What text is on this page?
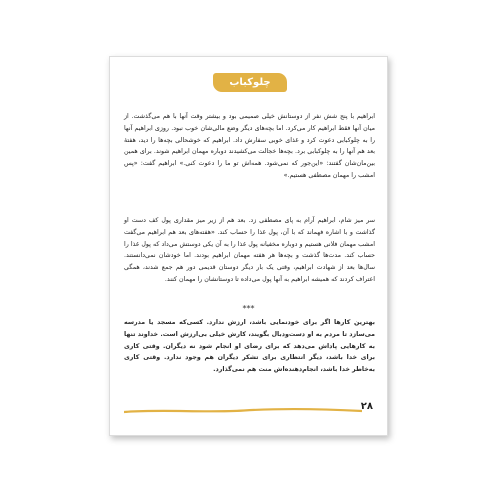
چلوکباب
ابراهیم با پنج شش نفر از دوستانش خیلی صمیمی بود و بیشتر وقت آنها با هم می‌گذشت. از میان آنها فقط ابراهیم کار می‌کرد. اما بچه‌های دیگر وضع مالی‌شان خوب نبود. روزی ابراهیم آنها را به چلوکبابی دعوت کرد و غذای خوبی سفارش داد. ابراهیم که خوشحالی بچه‌ها را دید، هفتهٔ بعد هم آنها را به چلوکبابی برد. بچه‌ها خجالت می‌کشیدند دوباره مهمان ابراهیم شوند. برای همین بین‌مان‌شان گفتند: «این‌جور که نمی‌شود. همه‌اش تو ما را دعوت کنی.» ابراهیم گفت: «پس امشب را مهمان مصطفی هستیم.»
سر میز شام، ابراهیم آرام به پای مصطفی زد. بعد هم از زیر میز مقداری پول کف دست او گذاشت و با اشاره فهماند که با آن، پول غذا را حساب کند. «هفته‌های بعد هم ابراهیم می‌گفت امشب مهمان فلانی هستیم و دوباره مخفیانه پول غذا را به آن یکی دوستش می‌داد که پول غذا را حساب کند. مدت‌ها گذشت و بچه‌ها هر هفته مهمان ابراهیم بودند. اما خودشان نمی‌دانستند. سال‌ها بعد از شهادت ابراهیم، وقتی یک بار دیگر دوستان قدیمی دور هم جمع شدند، همگی اعتراف کردند که همیشه ابراهیم به آنها پول می‌داده تا دوستانشان را مهمان کنند.
***
بهترین کارها اگر برای خودنمایی باشد، ارزش ندارد. کسی‌که مسجد یا مدرسه می‌سازد تا مردم به او دست‌ودبال بگویند، کارش خیلی بی‌ارزش است. خداوند تنها به کارهایی پاداش می‌دهد که برای رضای او انجام شود نه دیگران. وقتی کاری برای خدا باشد، دیگر انتظاری برای تشکر دیگران هم وجود ندارد. وقتی کاری به‌خاطر خدا باشد، انجام‌دهنده‌اش منت هم نمی‌گذارد.
۲۸
